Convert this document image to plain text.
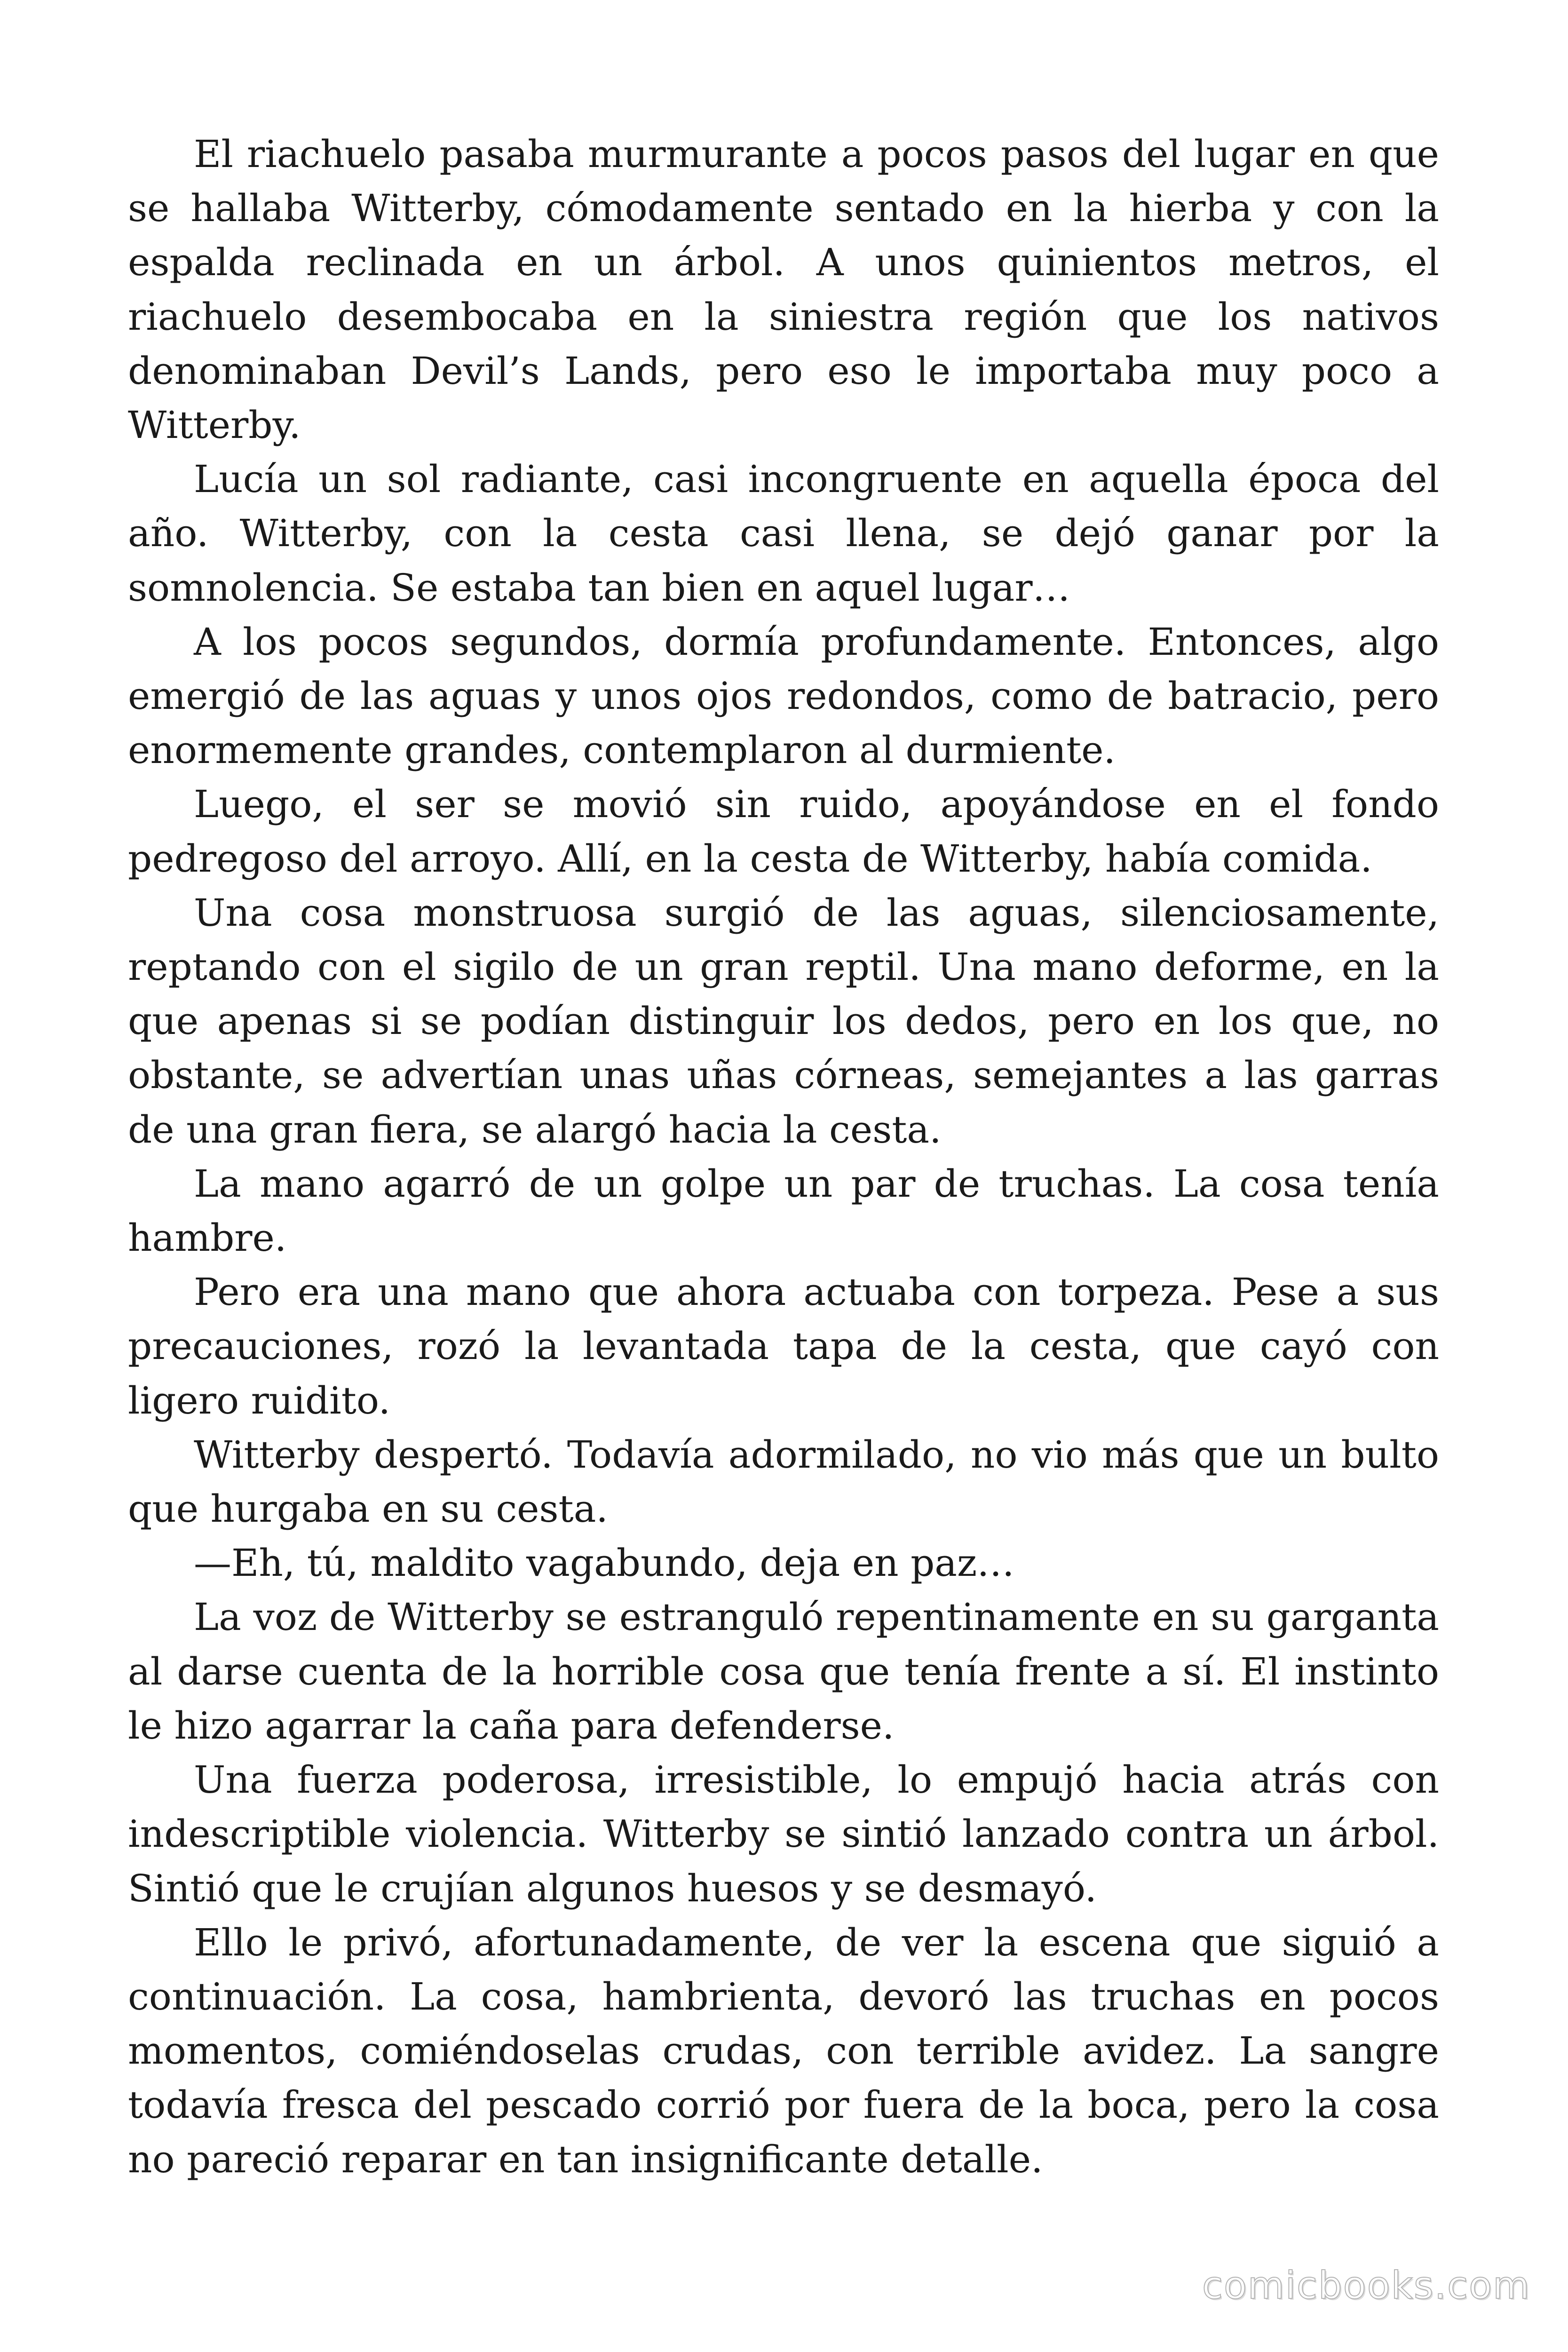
El riachuelo pasaba murmurante a pocos pasos del lugar en que se hallaba Witterby, cómodamente sentado en la hierba y con la espalda reclinada en un árbol. A unos quinientos metros, el riachuelo desembocaba en la siniestra región que los nativos denominaban Devil’s Lands, pero eso le importaba muy poco a Witterby.

Lucía un sol radiante, casi incongruente en aquella época del año. Witterby, con la cesta casi llena, se dejó ganar por la somnolencia. Se estaba tan bien en aquel lugar…

A los pocos segundos, dormía profundamente. Entonces, algo emergió de las aguas y unos ojos redondos, como de batracio, pero enormemente grandes, contemplaron al durmiente.

Luego, el ser se movió sin ruido, apoyándose en el fondo pedregoso del arroyo. Allí, en la cesta de Witterby, había comida.

Una cosa monstruosa surgió de las aguas, silenciosamente, reptando con el sigilo de un gran reptil. Una mano deforme, en la que apenas si se podían distinguir los dedos, pero en los que, no obstante, se advertían unas uñas córneas, semejantes a las garras de una gran fiera, se alargó hacia la cesta.

La mano agarró de un golpe un par de truchas. La cosa tenía hambre.

Pero era una mano que ahora actuaba con torpeza. Pese a sus precauciones, rozó la levantada tapa de la cesta, que cayó con ligero ruidito.

Witterby despertó. Todavía adormilado, no vio más que un bulto que hurgaba en su cesta.

—Eh, tú, maldito vagabundo, deja en paz…

La voz de Witterby se estranguló repentinamente en su garganta al darse cuenta de la horrible cosa que tenía frente a sí. El instinto le hizo agarrar la caña para defenderse.

Una fuerza poderosa, irresistible, lo empujó hacia atrás con indescriptible violencia. Witterby se sintió lanzado contra un árbol. Sintió que le crujían algunos huesos y se desmayó.

Ello le privó, afortunadamente, de ver la escena que siguió a continuación. La cosa, hambrienta, devoró las truchas en pocos momentos, comiéndoselas crudas, con terrible avidez. La sangre todavía fresca del pescado corrió por fuera de la boca, pero la cosa no pareció reparar en tan insignificante detalle.

comicbooks.com
